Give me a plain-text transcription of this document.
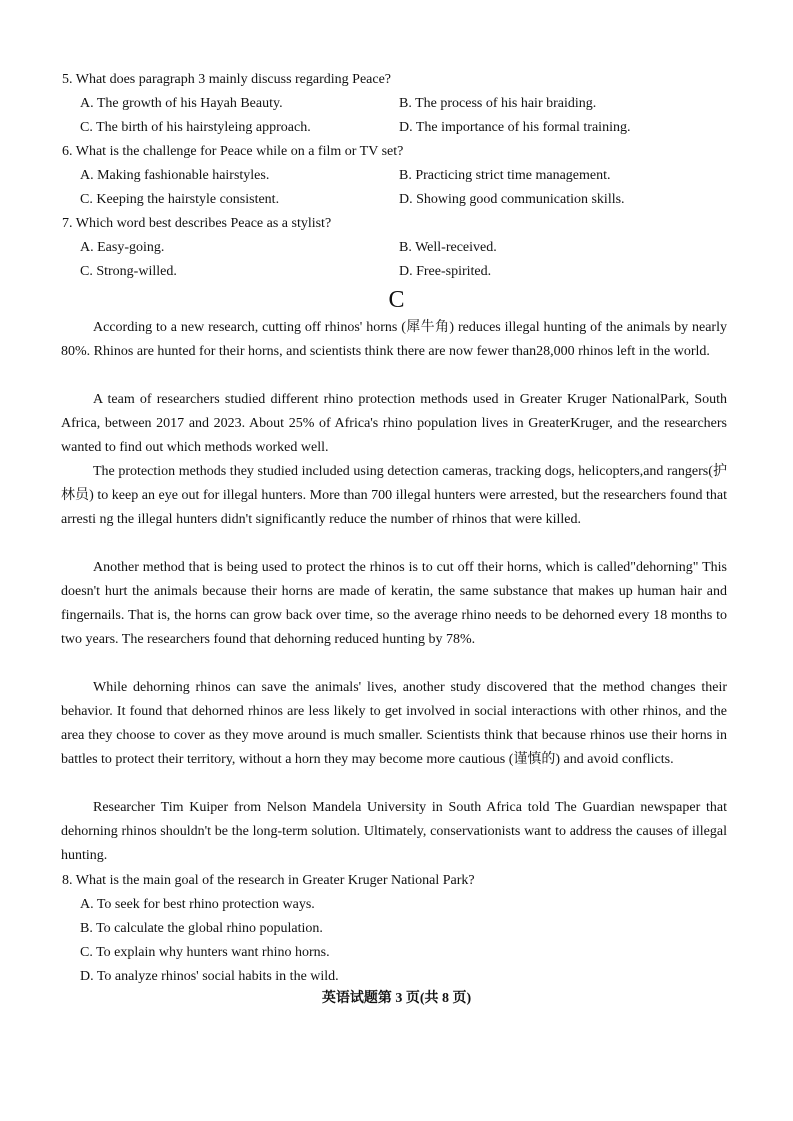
5. What does paragraph 3 mainly discuss regarding Peace?
A. The growth of his Hayah Beauty.	B. The process of his hair braiding.
C. The birth of his hairstyleing approach.	D. The importance of his formal training.
6. What is the challenge for Peace while on a film or TV set?
A. Making fashionable hairstyles.	B. Practicing strict time management.
C. Keeping the hairstyle consistent.	D. Showing good communication skills.
7. Which word best describes Peace as a stylist?
A. Easy-going.	B. Well-received.
C. Strong-willed.	D. Free-spirited.
C

According to a new research, cutting off rhinos' horns (犀牛角) reduces illegal hunting of the animals by nearly 80%. Rhinos are hunted for their horns, and scientists think there are now fewer than28,000 rhinos left in the world.

A team of researchers studied different rhino protection methods used in Greater Kruger NationalPark, South Africa, between 2017 and 2023. About 25% of Africa's rhino population lives in GreaterKruger, and the researchers wanted to find out which methods worked well.

The protection methods they studied included using detection cameras, tracking dogs, helicopters,and rangers(护林员) to keep an eye out for illegal hunters. More than 700 illegal hunters were arrested, but the researchers found that arresti ng the illegal hunters didn't significantly reduce the number of rhinos that were killed.

Another method that is being used to protect the rhinos is to cut off their horns, which is called"dehorning" This doesn't hurt the animals because their horns are made of keratin, the same substance that makes up human hair and fingernails. That is, the horns can grow back over time, so the average rhino needs to be dehorned every 18 months to two years. The researchers found that dehorning reduced hunting by 78%.

While dehorning rhinos can save the animals' lives, another study discovered that the method changes their behavior. It found that dehorned rhinos are less likely to get involved in social interactions with other rhinos, and the area they choose to cover as they move around is much smaller. Scientists think that because rhinos use their horns in battles to protect their territory, without a horn they may become more cautious (谨慎的) and avoid conflicts.

Researcher Tim Kuiper from Nelson Mandela University in South Africa told The Guardian newspaper that dehorning rhinos shouldn't be the long-term solution. Ultimately, conservationists want to address the causes of illegal hunting.

8. What is the main goal of the research in Greater Kruger National Park?
A. To seek for best rhino protection ways.
B. To calculate the global rhino population.
C. To explain why hunters want rhino horns.
D. To analyze rhinos' social habits in the wild.
英语试题第 3 页(共 8 页)
